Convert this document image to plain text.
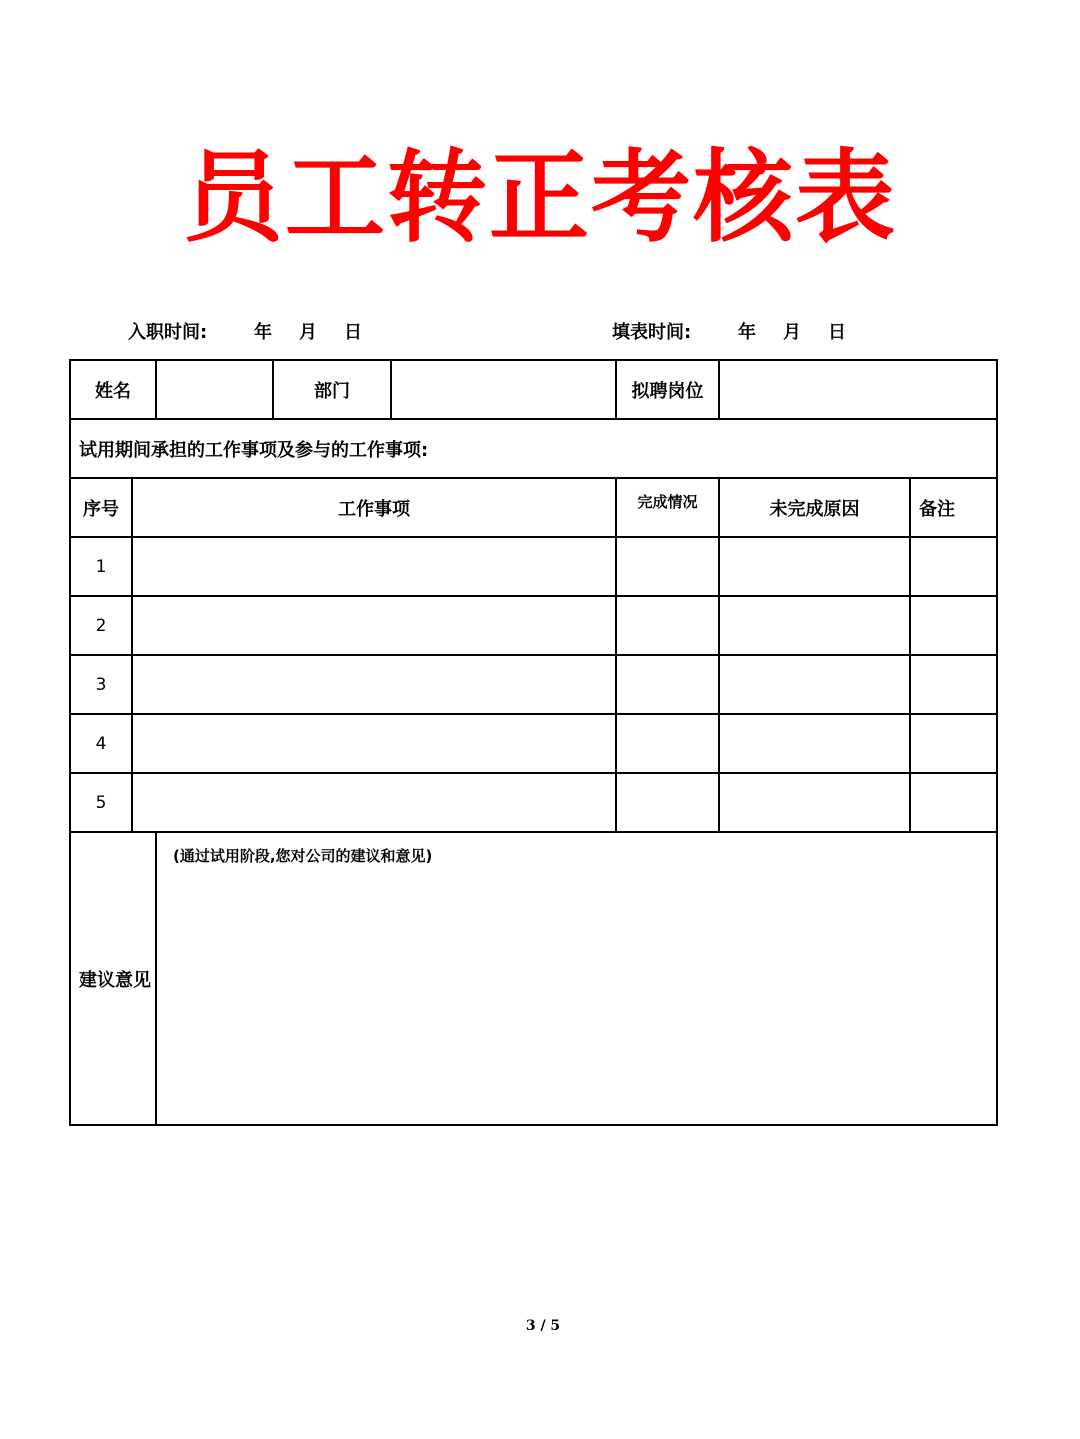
员工转正考核表
入职时间:	年 月 日	填表时间:	年 月 日
姓名			部门		拟聘岗位		
试用期间承担的工作事项及参与的工作事项:							
序号	工作事项				完成情况	未完成原因	备注
1							
2							
3							
4							
5							
建议意见		(通过试用阶段,您对公司的建议和意见)					
3 / 5
